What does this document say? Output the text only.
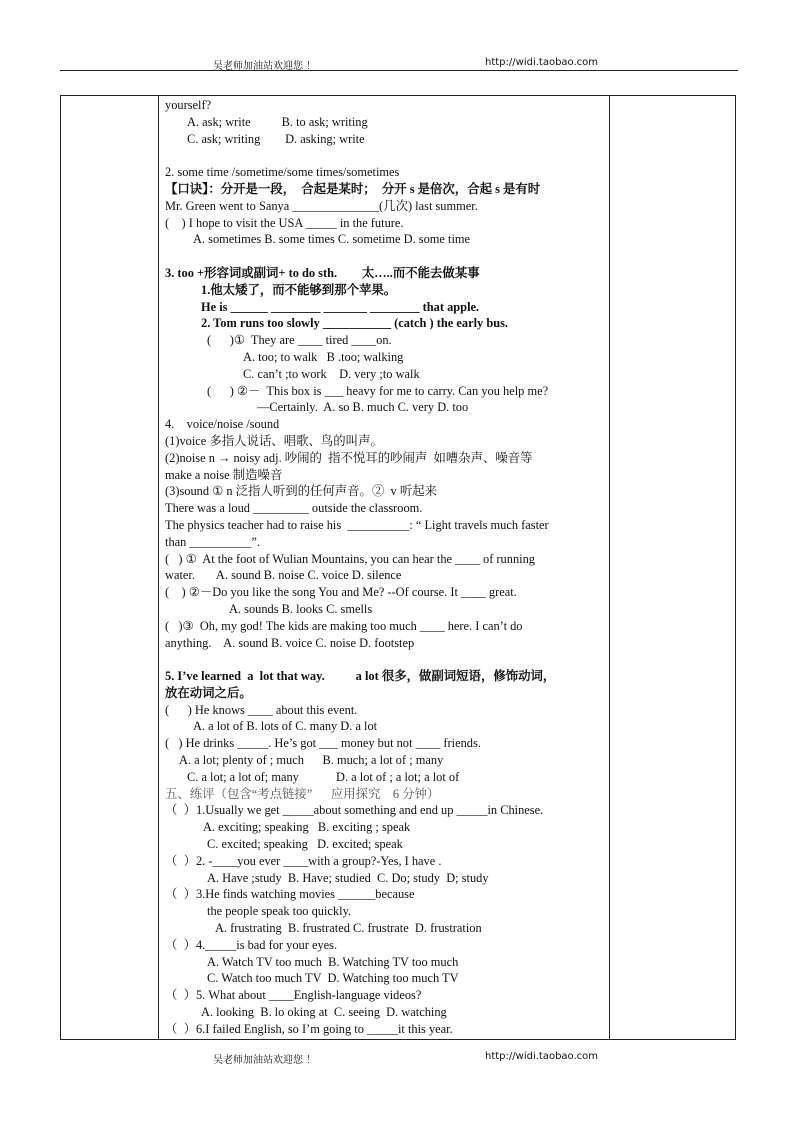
吴老师加油站欢迎您 ！	http://widi.taobao.com
yourself?
A. ask; write          B. to ask; writing
C. ask; writing        D. asking; write
2. some time /sometime/some times/sometimes
【口诀】：分开是一段，  合起是某时；  分开 s 是倍次，合起 s 是有时
Mr. Green went to Sanya ______________(几次) last summer.
(    ) I hope to visit the USA _____ in the future.
A. sometimes B. some times C. sometime D. some time
3. too +形容词或副词+ to do sth.        太…..而不能去做某事
1.他太矮了，而不能够到那个苹果。
He is ______ ________ _______ ________ that apple.
2. Tom runs too slowly ___________ (catch ) the early bus.
(      )①  They are ____ tired ____on.
A. too; to walk   B .too; walking
C. can’t ;to work    D. very ;to walk
(      ) ②－  This box is ___ heavy for me to carry. Can you help me?
—Certainly.  A. so B. much C. very D. too
4.    voice/noise /sound
(1)voice 多指人说话、唱歌、鸟的叫声。
(2)noise n → noisy adj. 吵闹的  指不悦耳的吵闹声  如嘈杂声、噪音等
make a noise 制造噪音
(3)sound ① n 泛指人听到的任何声音。②  v 听起来
There was a loud _________ outside the classroom.
The physics teacher had to raise his  __________: “ Light travels much faster
than __________”.
(   ) ①  At the foot of Wulian Mountains, you can hear the ____ of running
water.       A. sound B. noise C. voice D. silence
(    ) ②－Do you like the song You and Me? --Of course. It ____ great.
A. sounds B. looks C. smells
(   )③  Oh, my god! The kids are making too much ____ here. I can’t do
anything.    A. sound B. voice C. noise D. footstep
5. I’ve learned  a  lot that way.          a lot 很多，做副词短语，修饰动词，
放在动词之后。
(      ) He knows ____ about this event.
A. a lot of B. lots of C. many D. a lot
(   ) He drinks _____. He’s got ___ money but not ____ friends.
A. a lot; plenty of ; much      B. much; a lot of ; many
C. a lot; a lot of; many            D. a lot of ; a lot; a lot of
五、练评（包含“考点链接”      应用探究    6 分钟）
（  ）1.Usually we get _____about something and end up _____in Chinese.
A. exciting; speaking   B. exciting ; speak
C. excited; speaking   D. excited; speak
（  ）2. -____you ever ____with a group?-Yes, I have .
A. Have ;study  B. Have; studied  C. Do; study  D; study
（  ）3.He finds watching movies ______because
the people speak too quickly.
A. frustrating  B. frustrated C. frustrate  D. frustration
（  ）4._____is bad for your eyes.
A. Watch TV too much  B. Watching TV too much
C. Watch too much TV  D. Watching too much TV
（  ）5. What about ____English-language videos?
A. looking  B. lo oking at  C. seeing  D. watching
（  ）6.I failed English, so I’m going to _____it this year.
吴老师加油站欢迎您 ！	http://widi.taobao.com
